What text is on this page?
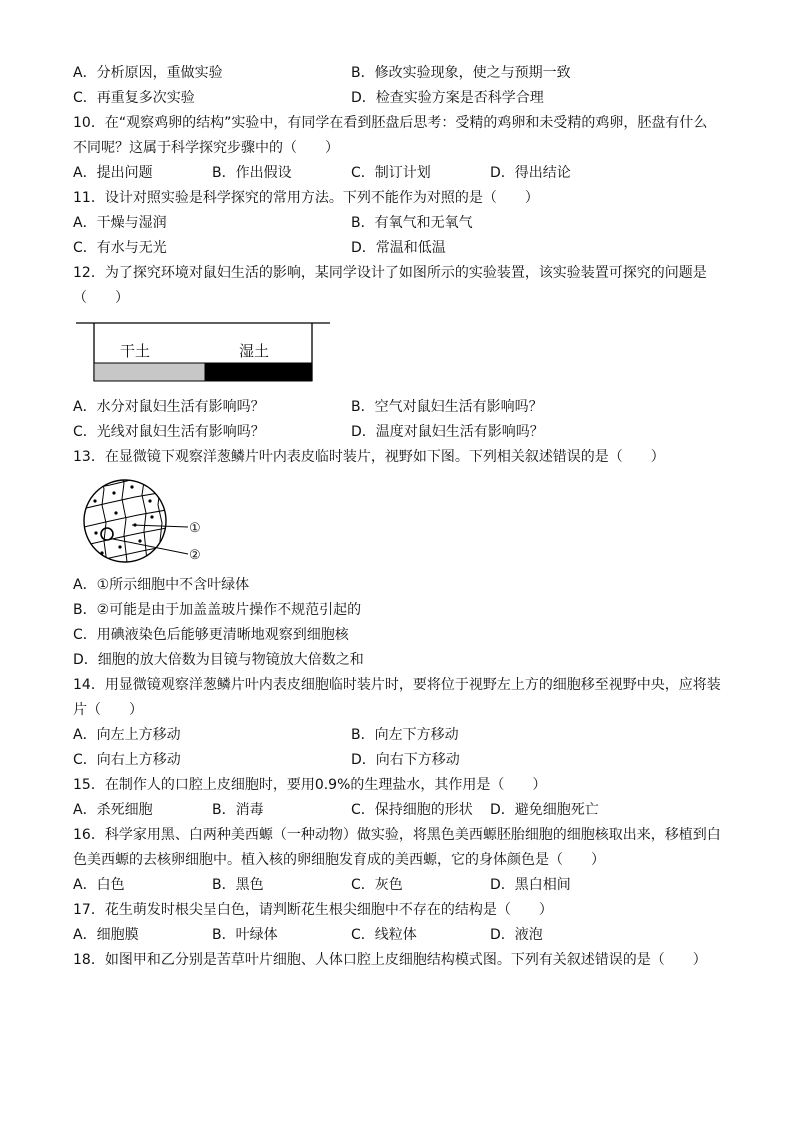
A．分析原因，重做实验	B．修改实验现象，使之与预期一致
C．再重复多次实验	D．检查实验方案是否科学合理
10．在“观察鸡卵的结构”实验中，有同学在看到胚盘后思考：受精的鸡卵和未受精的鸡卵，胚盘有什么
不同呢？这属于科学探究步骤中的（　　）
A．提出问题	B．作出假设	C．制订计划	D．得出结论
11．设计对照实验是科学探究的常用方法。下列不能作为对照的是（　　）
A．干燥与湿润	B．有氧气和无氧气
C．有水与无光	D．常温和低温
12．为了探究环境对鼠妇生活的影响，某同学设计了如图所示的实验装置，该实验装置可探究的问题是
（　　）
干土	湿土
A．水分对鼠妇生活有影响吗？	B．空气对鼠妇生活有影响吗？
C．光线对鼠妇生活有影响吗？	D．温度对鼠妇生活有影响吗？
13．在显微镜下观察洋葱鳞片叶内表皮临时装片，视野如下图。下列相关叙述错误的是（　　）
①
②
A．①所示细胞中不含叶绿体
B．②可能是由于加盖盖玻片操作不规范引起的
C．用碘液染色后能够更清晰地观察到细胞核
D．细胞的放大倍数为目镜与物镜放大倍数之和
14．用显微镜观察洋葱鳞片叶内表皮细胞临时装片时，要将位于视野左上方的细胞移至视野中央，应将装
片（　　）
A．向左上方移动	B．向左下方移动
C．向右上方移动	D．向右下方移动
15．在制作人的口腔上皮细胞时，要用0.9%的生理盐水，其作用是（　　）
A．杀死细胞	B．消毒	C．保持细胞的形状 D．避免细胞死亡
16．科学家用黑、白两种美西螈（一种动物）做实验，将黑色美西螈胚胎细胞的细胞核取出来，移植到白
色美西螈的去核卵细胞中。植入核的卵细胞发育成的美西螈，它的身体颜色是（　　）
A．白色	B．黑色	C．灰色	D．黑白相间
17．花生萌发时根尖呈白色，请判断花生根尖细胞中不存在的结构是（　　）
A．细胞膜	B．叶绿体	C．线粒体	D．液泡
18．如图甲和乙分别是苦草叶片细胞、人体口腔上皮细胞结构模式图。下列有关叙述错误的是（　　）
